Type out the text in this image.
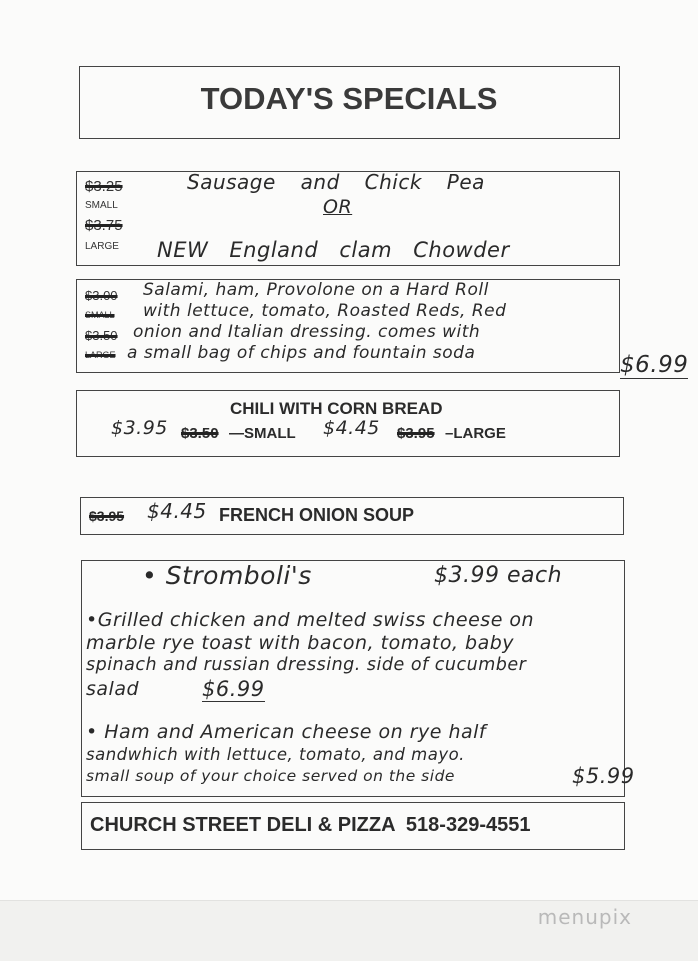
TODAY'S SPECIALS
$3.25
SMALL
$3.75
LARGE
Sausage and Chick Pea
OR
NEW England clam Chowder
$3.00
SMALL
$3.50
LARGE
Salami, ham, Provolone on a Hard Roll
with lettuce, tomato, Roasted Reds, Red
onion and Italian dressing. comes with
a small bag of chips and fountain soda	$6.99
CHILI WITH CORN BREAD
$3.95 $3.50 —SMALL $4.45 $3.95 –LARGE
$3.95 $4.45 FRENCH ONION SOUP
• Stromboli's	$3.99 each
•Grilled chicken and melted swiss cheese on
marble rye toast with bacon, tomato, baby
spinach and russian dressing. side of cucumber
salad	$6.99
• Ham and American cheese on rye half
sandwhich with lettuce, tomato, and mayo.
small soup of your choice served on the side	$5.99
CHURCH STREET DELI & PIZZA  518-329-4551
menupix
